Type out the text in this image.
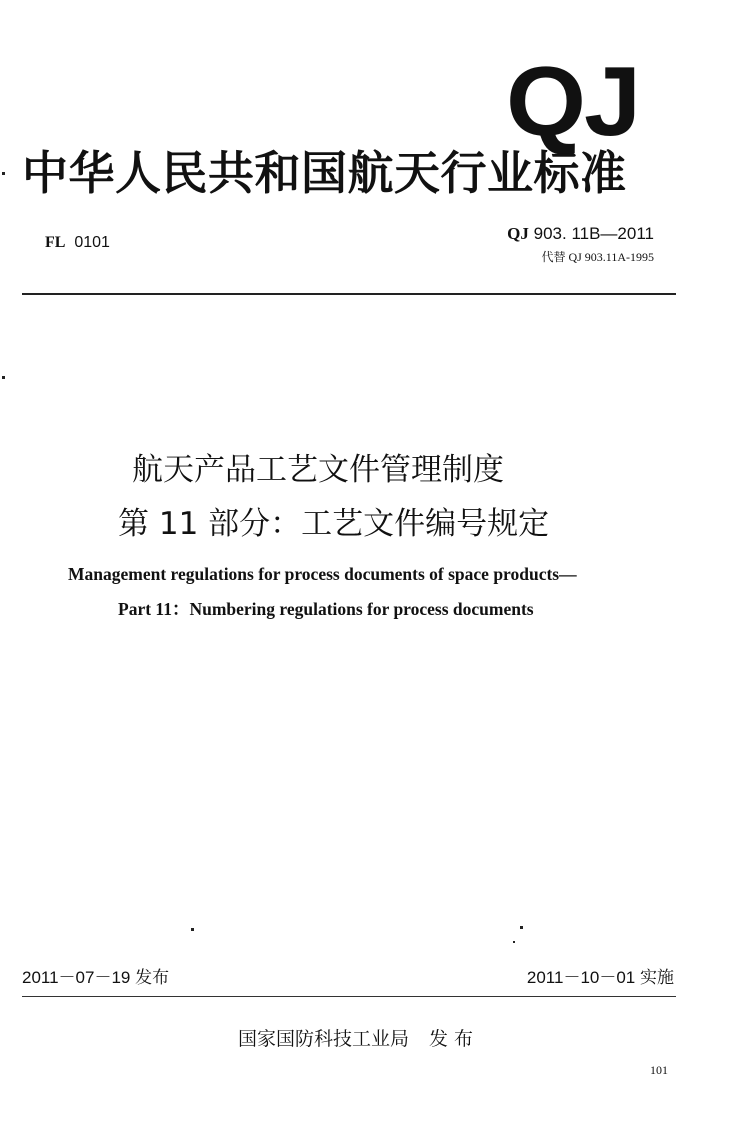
QJ
中华人民共和国航天行业标准
FL 0101	QJ 903. 11B—2011
代替 QJ 903.11A-1995
航天产品工艺文件管理制度
第 11 部分：工艺文件编号规定
Management regulations for process documents of space products—
Part 11：Numbering regulations for process documents
2011－07－19 发布	2011－10－01 实施
国家国防科技工业局 发 布
101
